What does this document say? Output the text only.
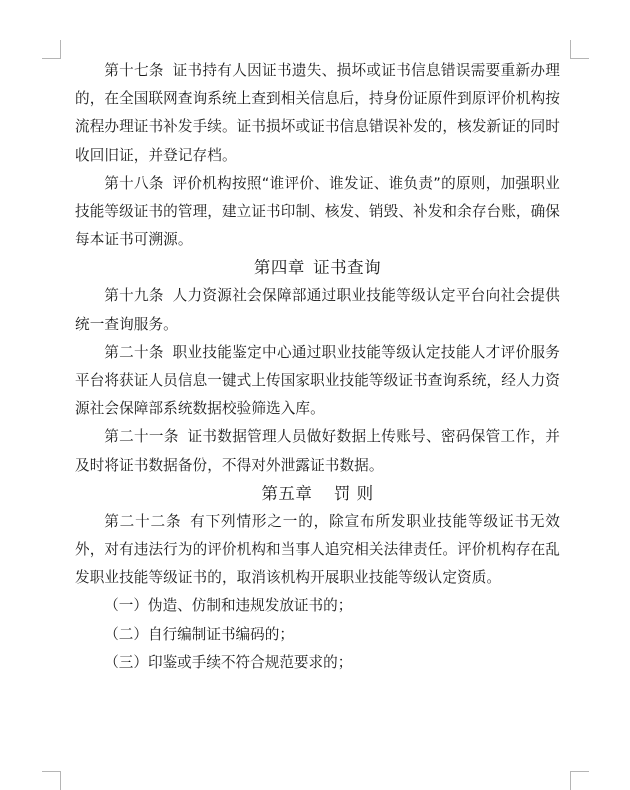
第十七条 证书持有人因证书遗失、损坏或证书信息错误需要重新办理的，在全国联网查询系统上查到相关信息后，持身份证原件到原评价机构按流程办理证书补发手续。证书损坏或证书信息错误补发的，核发新证的同时收回旧证，并登记存档。

第十八条 评价机构按照“谁评价、谁发证、谁负责”的原则，加强职业技能等级证书的管理，建立证书印制、核发、销毁、补发和余存台账，确保每本证书可溯源。

第四章 证书查询

第十九条 人力资源社会保障部通过职业技能等级认定平台向社会提供统一查询服务。

第二十条 职业技能鉴定中心通过职业技能等级认定技能人才评价服务平台将获证人员信息一键式上传国家职业技能等级证书查询系统，经人力资源社会保障部系统数据校验筛选入库。

第二十一条 证书数据管理人员做好数据上传账号、密码保管工作，并及时将证书数据备份，不得对外泄露证书数据。

第五章 罚 则

第二十二条 有下列情形之一的，除宣布所发职业技能等级证书无效外，对有违法行为的评价机构和当事人追究相关法律责任。评价机构存在乱发职业技能等级证书的，取消该机构开展职业技能等级认定资质。

（一）伪造、仿制和违规发放证书的；

（二）自行编制证书编码的；

（三）印鉴或手续不符合规范要求的；
